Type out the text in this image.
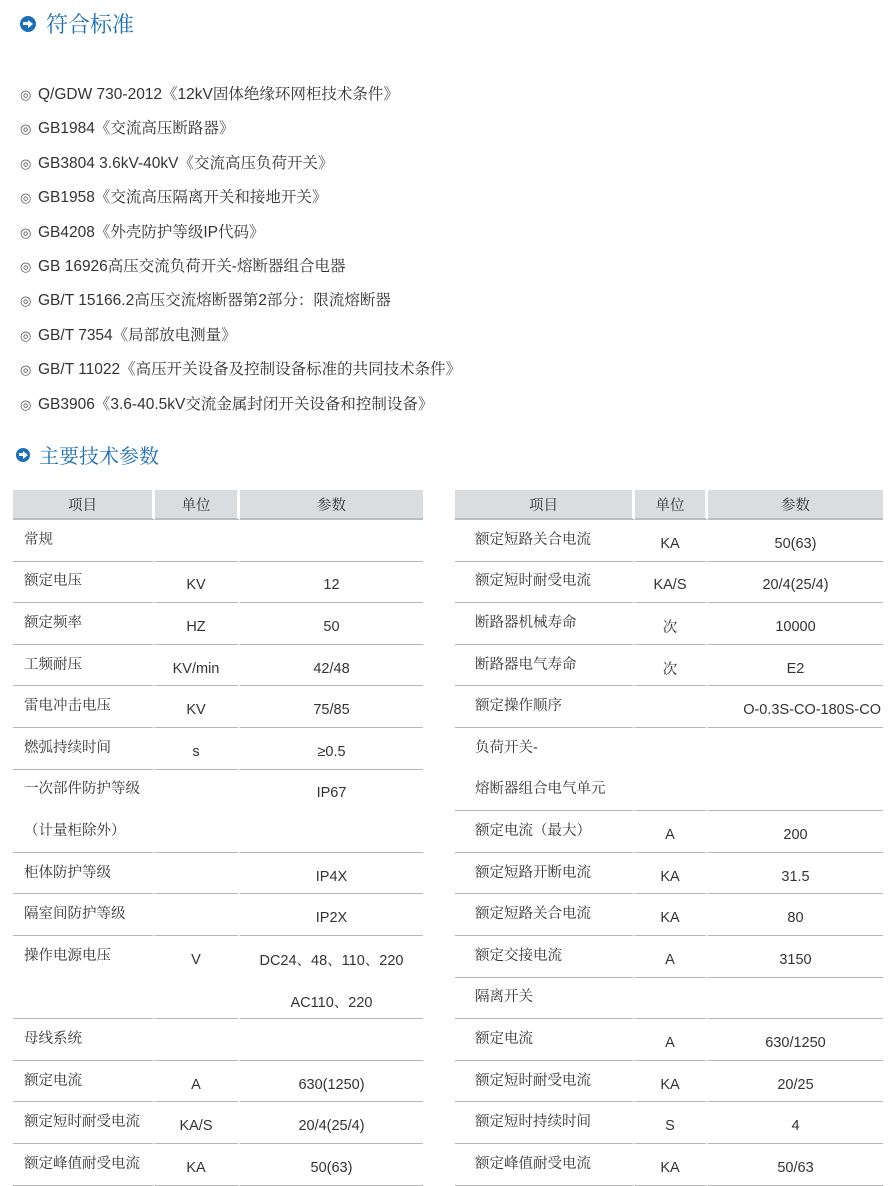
符合标准
◎ Q/GDW 730-2012《12kV固体绝缘环网柜技术条件》
◎ GB1984《交流高压断路器》
◎ GB3804 3.6kV-40kV《交流高压负荷开关》
◎ GB1958《交流高压隔离开关和接地开关》
◎ GB4208《外壳防护等级IP代码》
◎ GB 16926高压交流负荷开关-熔断器组合电器
◎ GB/T 15166.2高压交流熔断器第2部分：限流熔断器
◎ GB/T 7354《局部放电测量》
◎ GB/T 11022《高压开关设备及控制设备标准的共同技术条件》
◎ GB3906《3.6-40.5kV交流金属封闭开关设备和控制设备》
主要技术参数
项目	单位	参数
常规		
额定电压	KV	12
额定频率	HZ	50
工频耐压	KV/min	42/48
雷电冲击电压	KV	75/85
燃弧持续时间	s	≥0.5
一次部件防护等级		IP67
（计量柜除外）		
柜体防护等级		IP4X
隔室间防护等级		IP2X
操作电源电压	V	DC24、48、110、220
		AC110、220
母线系统		
额定电流	A	630(1250)
额定短时耐受电流	KA/S	20/4(25/4)
额定峰值耐受电流	KA	50(63)
项目	单位	参数
额定短路关合电流	KA	50(63)
额定短时耐受电流	KA/S	20/4(25/4)
断路器机械寿命	次	10000
断路器电气寿命	次	E2
额定操作顺序		O-0.3S-CO-180S-CO
负荷开关-		
熔断器组合电气单元		
额定电流（最大）	A	200
额定短路开断电流	KA	31.5
额定短路关合电流	KA	80
额定交接电流	A	3150
隔离开关		
额定电流	A	630/1250
额定短时耐受电流	KA	20/25
额定短时持续时间	S	4
额定峰值耐受电流	KA	50/63
